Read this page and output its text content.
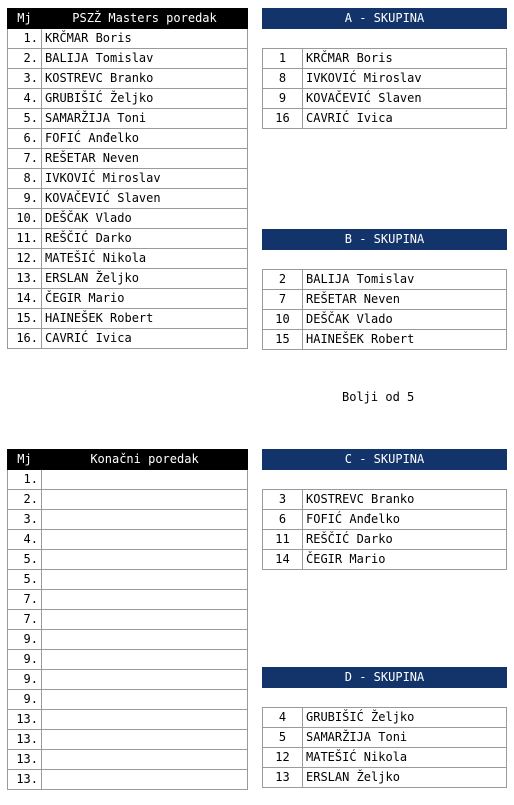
Mj	PSZŽ Masters poredak
1.	KRČMAR Boris
2.	BALIJA Tomislav
3.	KOSTREVC Branko
4.	GRUBIŠIĆ Željko
5.	SAMARŽIJA Toni
6.	FOFIĆ Anđelko
7.	REŠETAR Neven
8.	IVKOVIĆ Miroslav
9.	KOVAČEVIĆ Slaven
10.	DEŠČAK Vlado
11.	REŠČIĆ Darko
12.	MATEŠIĆ Nikola
13.	ERSLAN Željko
14.	ČEGIR Mario
15.	HAINEŠEK Robert
16.	CAVRIĆ Ivica
Mj	Konačni poredak
1.	
2.	
3.	
4.	
5.	
5.	
7.	
7.	
9.	
9.	
9.	
9.	
13.	
13.	
13.	
13.	
A - SKUPINA	

1	KRČMAR Boris
8	IVKOVIĆ Miroslav
9	KOVAČEVIĆ Slaven
16	CAVRIĆ Ivica
B - SKUPINA	

2	BALIJA Tomislav
7	REŠETAR Neven
10	DEŠČAK Vlado
15	HAINEŠEK Robert
C - SKUPINA	

3	KOSTREVC Branko
6	FOFIĆ Anđelko
11	REŠČIĆ Darko
14	ČEGIR Mario
D - SKUPINA	

4	GRUBIŠIĆ Željko
5	SAMARŽIJA Toni
12	MATEŠIĆ Nikola
13	ERSLAN Željko
Bolji od 5
